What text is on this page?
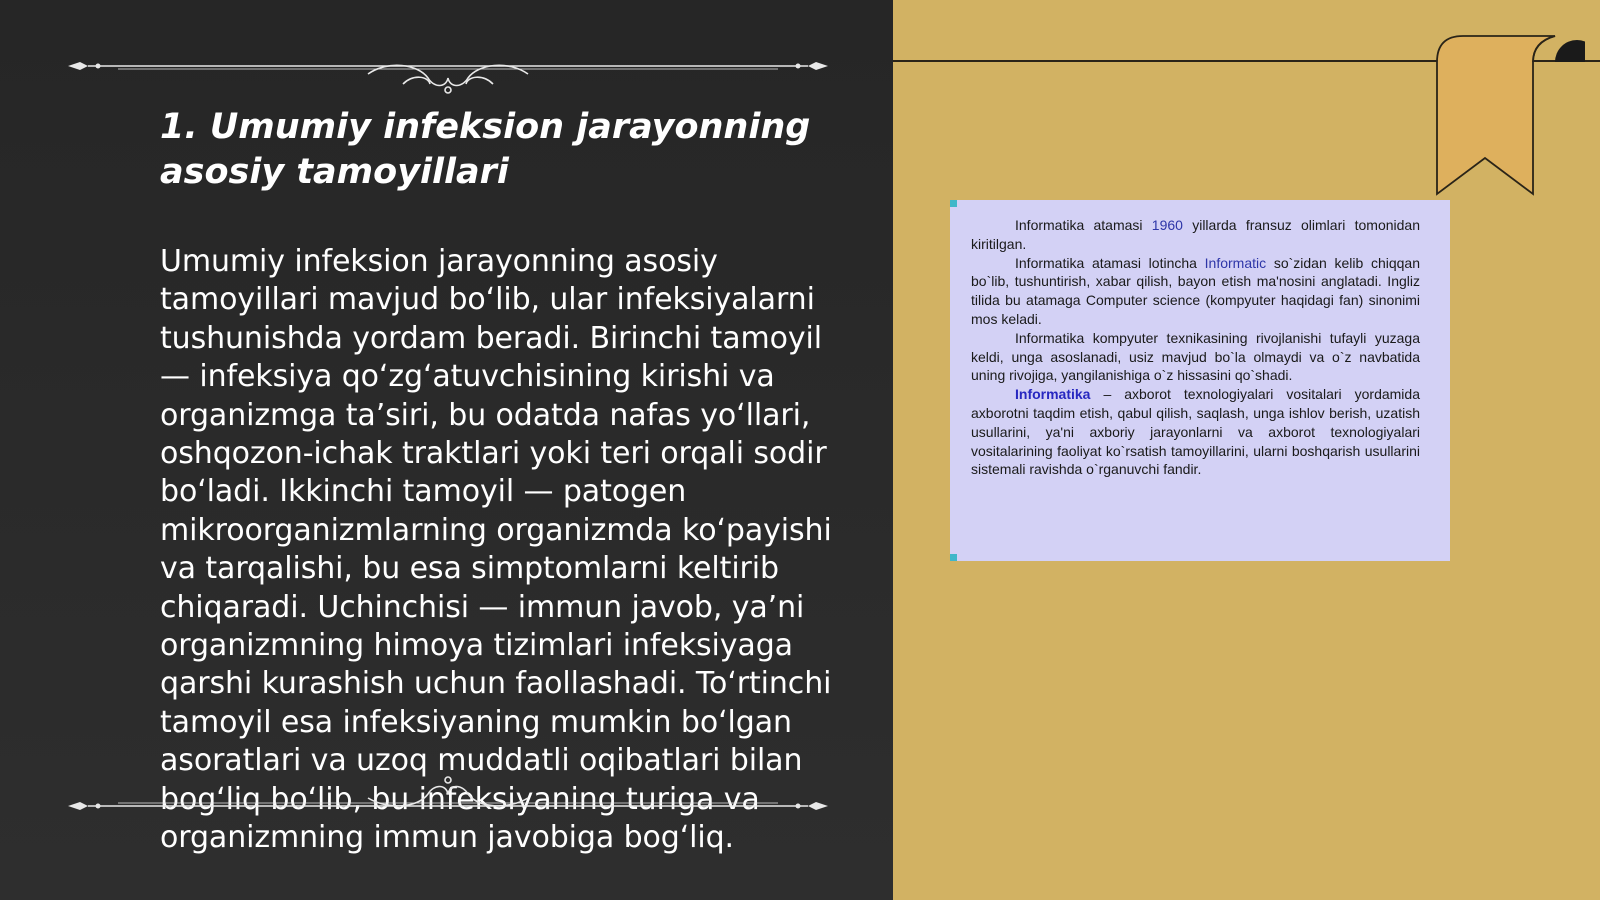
1. Umumiy infeksion jarayonning
asosiy tamoyillari

Umumiy infeksion jarayonning asosiy tamoyillari mavjud bo‘lib, ular infeksiyalarni tushunishda yordam beradi. Birinchi tamoyil — infeksiya qo‘zg‘atuvchisining kirishi va organizmga ta’siri, bu odatda nafas yo‘llari, oshqozon-ichak traktlari yoki teri orqali sodir bo‘ladi. Ikkinchi tamoyil — patogen mikroorganizmlarning organizmda ko‘payishi va tarqalishi, bu esa simptomlarni keltirib chiqaradi. Uchinchisi — immun javob, ya’ni organizmning himoya tizimlari infeksiyaga qarshi kurashish uchun faollashadi. To‘rtinchi tamoyil esa infeksiyaning mumkin bo‘lgan asoratlari va uzoq muddatli oqibatlari bilan bog‘liq bo‘lib, bu infeksiyaning turiga va organizmning immun javobiga bog‘liq.

Informatika atamasi 1960 yillarda fransuz olimlari tomonidan kiritilgan.

Informatika atamasi lotincha Informatic so`zidan kelib chiqqan bo`lib, tushuntirish, xabar qilish, bayon etish ma'nosini anglatadi. Ingliz tilida bu atamaga Computer science (kompyuter haqidagi fan) sinonimi mos keladi.

Informatika kompyuter texnikasining rivojlanishi tufayli yuzaga keldi, unga asoslanadi, usiz mavjud bo`la olmaydi va o`z navbatida uning rivojiga, yangilanishiga o`z hissasini qo`shadi.

Informatika – axborot texnologiyalari vositalari yordamida axborotni taqdim etish, qabul qilish, saqlash, unga ishlov berish, uzatish usullarini, ya'ni axboriy jarayonlarni va axborot texnologiyalari vositalarining faoliyat ko`rsatish tamoyillarini, ularni boshqarish usullarini sistemali ravishda o`rganuvchi fandir.
